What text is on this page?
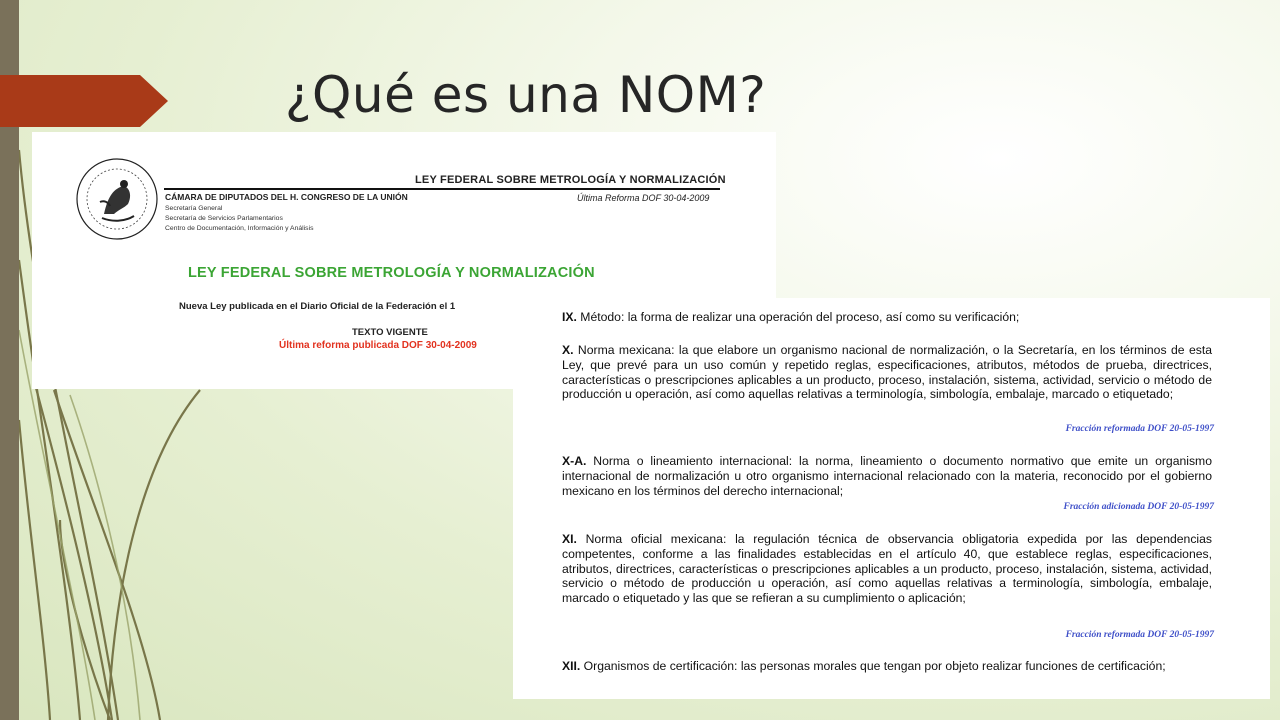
¿Qué es una NOM?
LEY FEDERAL SOBRE METROLOGÍA Y NORMALIZACIÓN
CÁMARA DE DIPUTADOS DEL H. CONGRESO DE LA UNIÓN	Última Reforma DOF 30-04-2009
Secretaría General
Secretaría de Servicios Parlamentarios
Centro de Documentación, Información y Análisis
LEY FEDERAL SOBRE METROLOGÍA Y NORMALIZACIÓN
Nueva Ley publicada en el Diario Oficial de la Federación el 1
TEXTO VIGENTE
Última reforma publicada DOF 30-04-2009
IX. Método: la forma de realizar una operación del proceso, así como su verificación;
X. Norma mexicana: la que elabore un organismo nacional de normalización, o la Secretaría, en los términos de esta Ley, que prevé para un uso común y repetido reglas, especificaciones, atributos, métodos de prueba, directrices, características o prescripciones aplicables a un producto, proceso, instalación, sistema, actividad, servicio o método de producción u operación, así como aquellas relativas a terminología, simbología, embalaje, marcado o etiquetado;
Fracción reformada DOF 20-05-1997
X-A. Norma o lineamiento internacional: la norma, lineamiento o documento normativo que emite un organismo internacional de normalización u otro organismo internacional relacionado con la materia, reconocido por el gobierno mexicano en los términos del derecho internacional;
Fracción adicionada DOF 20-05-1997
XI. Norma oficial mexicana: la regulación técnica de observancia obligatoria expedida por las dependencias competentes, conforme a las finalidades establecidas en el artículo 40, que establece reglas, especificaciones, atributos, directrices, características o prescripciones aplicables a un producto, proceso, instalación, sistema, actividad, servicio o método de producción u operación, así como aquellas relativas a terminología, simbología, embalaje, marcado o etiquetado y las que se refieran a su cumplimiento o aplicación;
Fracción reformada DOF 20-05-1997
XII. Organismos de certificación: las personas morales que tengan por objeto realizar funciones de certificación;
